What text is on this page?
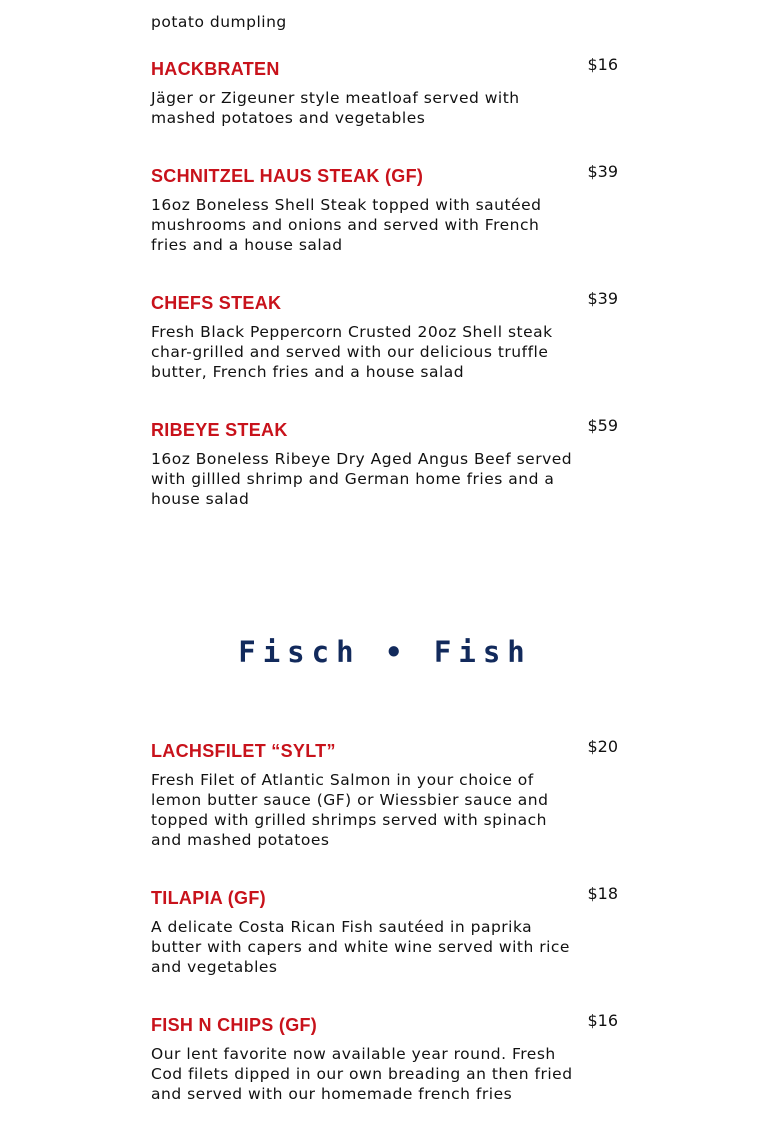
potato dumpling
HACKBRATEN	$16
Jäger or Zigeuner style meatloaf served with mashed potatoes and vegetables
SCHNITZEL HAUS STEAK (GF)	$39
16oz Boneless Shell Steak topped with sautéed mushrooms and onions and served with French fries and a house salad
CHEFS STEAK	$39
Fresh Black Peppercorn Crusted 20oz Shell steak char-grilled and served with our delicious truffle butter, French fries and a house salad
RIBEYE STEAK	$59
16oz Boneless Ribeye Dry Aged Angus Beef served with gillled shrimp and German home fries and a house salad
Fisch • Fish
LACHSFILET “SYLT”	$20
Fresh Filet of Atlantic Salmon in your choice of lemon butter sauce (GF) or Wiessbier sauce and topped with grilled shrimps served with spinach and mashed potatoes
TILAPIA (GF)	$18
A delicate Costa Rican Fish sautéed in paprika butter with capers and white wine served with rice and vegetables
FISH N CHIPS (GF)	$16
Our lent favorite now available year round. Fresh Cod filets dipped in our own breading an then fried and served with our homemade french fries
